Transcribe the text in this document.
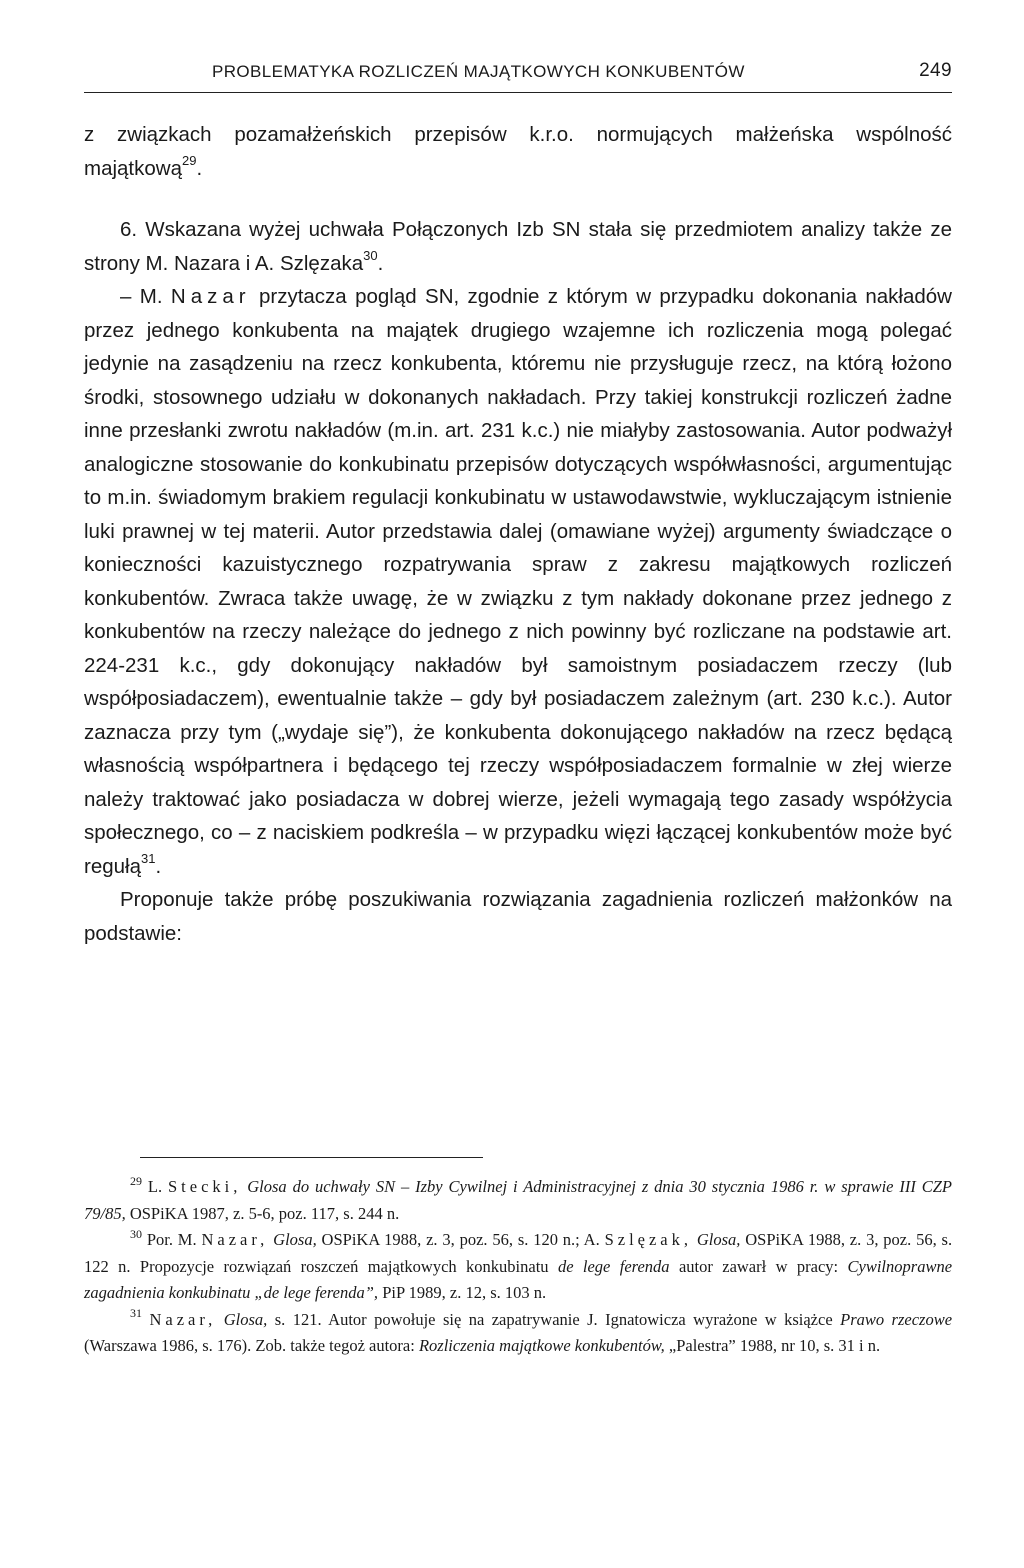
PROBLEMATYKA ROZLICZEŃ MAJĄTKOWYCH KONKUBENTÓW	249

z związkach pozamałżeńskich przepisów k.r.o. normujących małżeńska wspólność majątkową$^{29}$.

6. Wskazana wyżej uchwała Połączonych Izb SN stała się przedmiotem analizy także ze strony M. Nazara i A. Szlęzaka$^{30}$.

– M. Nazar przytacza pogląd SN, zgodnie z którym w przypadku dokonania nakładów przez jednego konkubenta na majątek drugiego wzajemne ich rozliczenia mogą polegać jedynie na zasądzeniu na rzecz konkubenta, któremu nie przysługuje rzecz, na którą łożono środki, stosownego udziału w dokonanych nakładach. Przy takiej konstrukcji rozliczeń żadne inne przesłanki zwrotu nakładów (m.in. art. 231 k.c.) nie miałyby zastosowania. Autor podważył analogiczne stosowanie do konkubinatu przepisów dotyczących współwłasności, argumentując to m.in. świadomym brakiem regulacji konkubinatu w ustawodawstwie, wykluczającym istnienie luki prawnej w tej materii. Autor przedstawia dalej (omawiane wyżej) argumenty świadczące o konieczności kazuistycznego rozpatrywania spraw z zakresu majątkowych rozliczeń konkubentów. Zwraca także uwagę, że w związku z tym nakłady dokonane przez jednego z konkubentów na rzeczy należące do jednego z nich powinny być rozliczane na podstawie art. 224-231 k.c., gdy dokonujący nakładów był samoistnym posiadaczem rzeczy (lub współposiadaczem), ewentualnie także – gdy był posiadaczem zależnym (art. 230 k.c.). Autor zaznacza przy tym („wydaje się”), że konkubenta dokonującego nakładów na rzecz będącą własnością współpartnera i będącego tej rzeczy współposiadaczem formalnie w złej wierze należy traktować jako posiadacza w dobrej wierze, jeżeli wymagają tego zasady współżycia społecznego, co – z naciskiem podkreśla – w przypadku więzi łączącej konkubentów może być regułą$^{31}$.

Proponuje także próbę poszukiwania rozwiązania zagadnienia rozliczeń małżonków na podstawie:

$^{29}$ L. Stecki, Glosa do uchwały SN – Izby Cywilnej i Administracyjnej z dnia 30 stycznia 1986 r. w sprawie III CZP 79/85, OSPiKA 1987, z. 5-6, poz. 117, s. 244 n.

$^{30}$ Por. M. Nazar, Glosa, OSPiKA 1988, z. 3, poz. 56, s. 120 n.; A. Szlęzak, Glosa, OSPiKA 1988, z. 3, poz. 56, s. 122 n. Propozycje rozwiązań roszczeń majątkowych konkubinatu de lege ferenda autor zawarł w pracy: Cywilnoprawne zagadnienia konkubinatu „de lege ferenda”, PiP 1989, z. 12, s. 103 n.

$^{31}$ Nazar, Glosa, s. 121. Autor powołuje się na zapatrywanie J. Ignatowicza wyrażone w książce Prawo rzeczowe (Warszawa 1986, s. 176). Zob. także tegoż autora: Rozliczenia majątkowe konkubentów, „Palestra” 1988, nr 10, s. 31 i n.
